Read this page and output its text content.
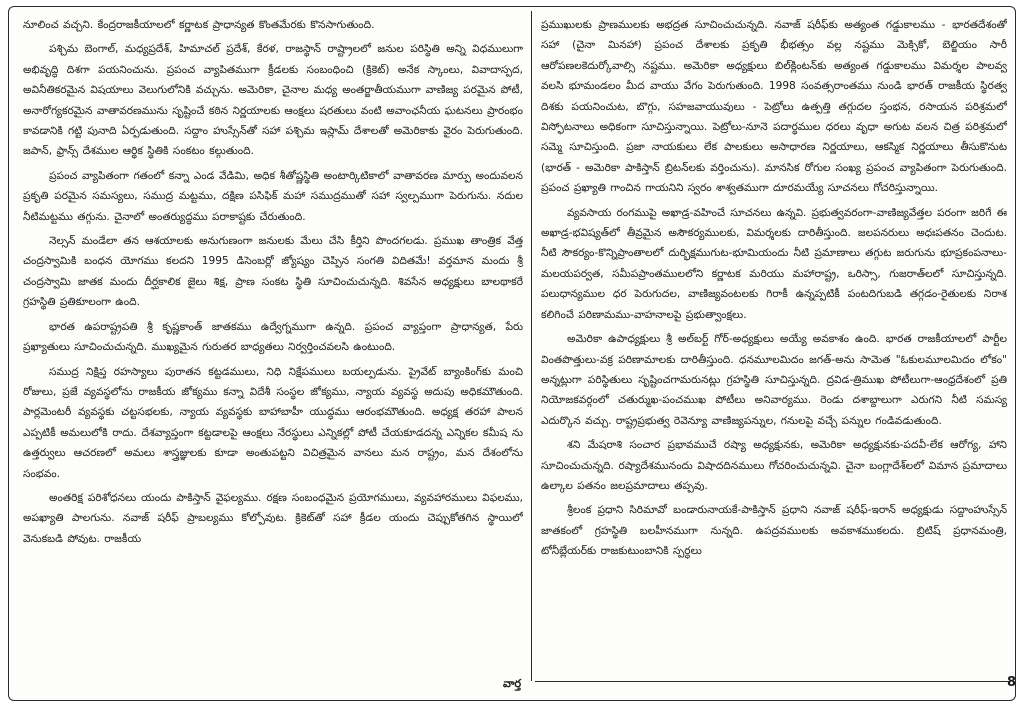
నూలించ వచ్చని. కేంద్రరాజకీయాలలో కర్ణాటక ప్రాధాన్యత కొంతమేరకు కొనసాగుతుంది.

పశ్చిమ బెంగాల్, మధ్యప్రదేశ్, హిమాచల్ ప్రదేశ్, కేరళ, రాజస్థాన్ రాష్ట్రాలలో జనుల పరిస్థితి అన్ని విధములుగా అభివృద్ధి దిశగా పయనించును. ప్రపంచ వ్యాపితముగా క్రీడలకు సంబంధించి (క్రికెట్) అనేక స్కాంలు, వివాదాస్పద, అవినీతికరమైన విషయాలు వెలుగులోనికి వచ్చును. అమెరికా, చైనాల మధ్య అంతర్జాతీయముగా వాణిజ్య పరమైన పోటీ, అనారోగ్యకరమైన వాతావరణమును సృష్టించే కఠిన నిర్ణయాలకు ఆంక్షలు షరతులు వంటి అవాంఛనీయ ఘటనలు ప్రారంభం కావడానికి గట్టి పునాది ఏర్పడుతుంది. సద్దాం హుస్సేన్‌తో సహా పశ్చిమ ఇస్లామ్ దేశాలతో అమెరికాకు వైరం పెరుగుతుంది. జపాన్, ఫ్రాన్స్ దేశముల ఆర్థిక స్థితికి సంకటం కల్గుతుంది.

ప్రపంచ వ్యాపితంగా గతంలో కన్నా ఎండ వేడిమి, అధిక శీతోష్ణస్థితి అంటార్కిటికాలో వాతావరణ మార్పు అందువలన ప్రకృతి పరమైన సమస్యలు, సముద్ర మట్టము, దక్షిణ పసిఫిక్ మహా సముద్రముతో సహా స్వల్పముగా పెరుగును. నదుల నీటిమట్టము తగ్గును. చైనాలో అంతర్యుద్ధము పరాకాష్టకు చేరుతుంది.

నెల్సన్ మండేలా తన ఆశయాలకు అనుగుణంగా జనులకు మేలు చేసి కీర్తిని పొందగలడు. ప్రముఖ తాంత్రిక వేత్త చంద్రస్వామికి బంధన యోగము కలదని 1995 డిసెంబర్లో జ్యోష్యం చెప్పిన సంగతి విదితమే! వర్తమాన మందు శ్రీ చంద్రస్వామి జాతక మందు దీర్ఘకాలిక జైలు శిక్ష, ప్రాణ సంకట స్థితి సూచించుచున్నది. శివసేన అధ్యక్షులు బాలథాకరే గ్రహస్థితి ప్రతికూలంగా ఉంది.

భారత ఉపరాష్ట్రపతి శ్రీ కృష్ణకాంత్ జాతకము ఉద్వేగ్నముగా ఉన్నది. ప్రపంచ వ్యాప్తంగా ప్రాధాన్యత, పేరు ప్రఖ్యాతులు సూచించుచున్నది. ముఖ్యమైన గురుతర బాధ్యతలు నిర్వర్తించవలసి ఉంటుంది.

సముద్ర నిక్షిప్త రహస్యాలు పురాతన కట్టడములు, నిధి నిక్షేపములు బయల్పడును. ప్రైవేట్ బ్యాంకింగ్‌కు మంచి రోజులు, ప్రజే వ్యవస్థలోను రాజకీయ జోక్యము కన్నా విదేశీ సంస్థల జోక్యము, న్యాయ వ్యవస్థ అదుపు అధికమౌతుంది. పార్లమెంటరీ వ్యవస్థకు చట్టసభలకు, న్యాయ వ్యవస్థకు బాహాబాహీ యుద్ధము ఆరంభమౌతుంది. అధ్యక్ష తరహా పాలన ఎప్పటికీ అమలులోకి రాదు. దేశవ్యాప్తంగా కట్టడాలపై ఆంక్షలు నేరస్థులు ఎన్నికల్లో పోటీ చేయకూడదన్న ఎన్నికల కమీష ను ఉత్తర్వులు ఆచరణలో అమలు శాస్త్రజ్ఞులకు కూడా అంతుపట్టని విచిత్రమైన వానలు మన రాష్ట్రం, మన దేశంలోను సంభవం.

అంతరిక్ష పరిశోధనలు యందు పాకిస్తాన్ వైఫల్యము. రక్షణ సంబంధమైన ప్రయోగములు, వ్యవహారములు విఫలము, అపఖ్యాతి పాలగును. నవాజ్ షరీఫ్ ప్రాబల్యము కోల్పోవుట. క్రికెట్‌తో సహా క్రీడల యందు చెప్పుకోతగిన స్థాయిలో వెనుకబడి పోవుట. రాజకీయ

ప్రముఖులకు ప్రాణములకు అభద్రత సూచించుచున్నది. నవాజ్ షరీఫ్‌కు అత్యంత గడ్డుకాలము - భారతదేశంతో సహా (చైనా మినహా) ప్రపంచ దేశాలకు ప్రకృతి భీభత్సం వల్ల నష్టము మెక్సికో, బెల్జియం సారీ ఆరోపణలకెదుర్కోవాల్సి నష్టము. అమెరికా అధ్యక్షులు బిల్‌క్లింటన్‌కు అత్యంత గడ్డుకాలము విమర్శల పాలవ్వ వలసి భూమండలం మీద వాయు వేగం పెరుగుతుంది. 1998 సంవత్సరాంతము నుండి భారత్ రాజకీయ స్థిరత్వ దిశకు పయనించుట, బొగ్గు, సహజవాయువులు - పెట్రోలు ఉత్పత్తి తగ్గుదల స్తంభన, రసాయన పరిశ్రమలో విస్ఫోటనాలు అధికంగా సూచిస్తున్నాయి. పెట్రోలు-నూనె పదార్థముల ధరలు వృధా అగుట వలన చిత్ర పరిశ్రమలో సమ్మె సూచిస్తుంది. ప్రజా నాయకులు లేక పాలకులు అసాధారణ నిర్ణయాలు, ఆకస్మిక నిర్ణయాలు తీసుకొనుట (భారత్ - అమెరికా పాకిస్తాన్ బ్రిటన్‌లకు వర్తించును). మానసిక రోగుల సంఖ్య ప్రపంచ వ్యాపితంగా పెరుగుతుంది. ప్రపంచ ప్రఖ్యాతి గాంచిన గాయనిని స్వరం శాశ్వతముగా దూరమయ్యే సూచనలు గోచరిస్తున్నాయి.

వ్యవసాయ రంగముపై అఖాడ్ర-వహించే సూచనలు ఉన్నవి. ప్రభుత్వవరంగా-వాణిజ్యవేత్తల పరంగా జరిగే ఈ అఖాడ్ర-భవిష్యత్‌లో తీవ్రమైన అసౌకర్యములకు, విమర్శలకు దారితీస్తుంది. జలపనరులు అధఃపతనం చెందుట. నీటి సౌకర్యం-కొన్నిప్రాంతాలలో దుర్భిక్షముగుట-భూమియందు నీటి ప్రమాణాలు తగ్గుట జరుగును భూప్రకంపనాలు-మలయపర్వత, సమీపప్రాంతములలోని కర్ణాటక మరియు మహారాష్ట్ర, ఒరిస్సా, గుజరాత్‌లలో సూచిస్తున్నది. పలుధాన్యముల ధర పెరుగుదల, వాణిజ్యవంటలకు గిరాకీ ఉన్నప్పటికీ పంటదిగుబడి తగ్గడం-రైతులకు నిరాశ కలిగించే పరిణామము-వాహనాలపై ప్రభుత్వాంక్షలు.

అమెరికా ఉపాధ్యక్షులు శ్రీ అల్‌బర్ట్ గోర్-అధ్యక్షులు అయ్యే అవకాశం ఉంది. భారత రాజకీయాలలో పార్టీల వింతపొత్తులు-వక్ర పరిణామాలకు దారితీస్తుంది. ధనమూలమిదం జగత్-అను సామెత "ఓకులమూలమిదం లోకం" అన్నట్లుగా పరిస్థితులు సృష్టించగామరునట్లు గ్రహస్థితి సూచిస్తున్నది. ద్రవిడ-త్రిముఖ పోటీలుగా-ఆంధ్రదేశంలో ప్రతి నియోజకవర్గంలో చతుర్ముఖ-పంచముఖ పోటీలు అనివార్యము. రెండు దశాబ్దాలుగా ఎరుగని నీటి సమస్య ఎదుర్కొన వచ్చు. రాష్ట్రప్రభుత్వ రెవెన్యూ వాణిజ్యపన్నుల, గనులపై వచ్చే పన్నుల గండివడుతుంది.

శని మేషరాశి సంచార ప్రభావముచే రష్యా అధ్యక్షునకు, అమెరికా అధ్యక్షునకు-పదవీ-లేక ఆరోగ్య, హాని సూచించుచున్నది. రష్యాదేశమునందు విషాదదినములు గోచరించుచున్నవి. చైనా బంగ్లాదేశ్‌లలో విమాన ప్రమాదాలు ఉల్కాల పతనం జలప్రమాదాలు తప్పవు.

శ్రీలంక ప్రధాని సిరిమావో బండారునాయకే-పాకిస్తాన్ ప్రధాని నవాజ్ షరీఫ్-ఇరాన్ అధ్యక్షుడు సద్దాంహుస్సేన్ జాతకంలో గ్రహస్థితి బలహీనముగా నున్నది. ఉపద్రవములకు అవకాశముకలదు. బ్రిటిష్ ప్రధానమంత్రి, టోనీబ్లేయర్‌కు రాజకుటుంబానికి స్పర్ధలు

వార్త	8
